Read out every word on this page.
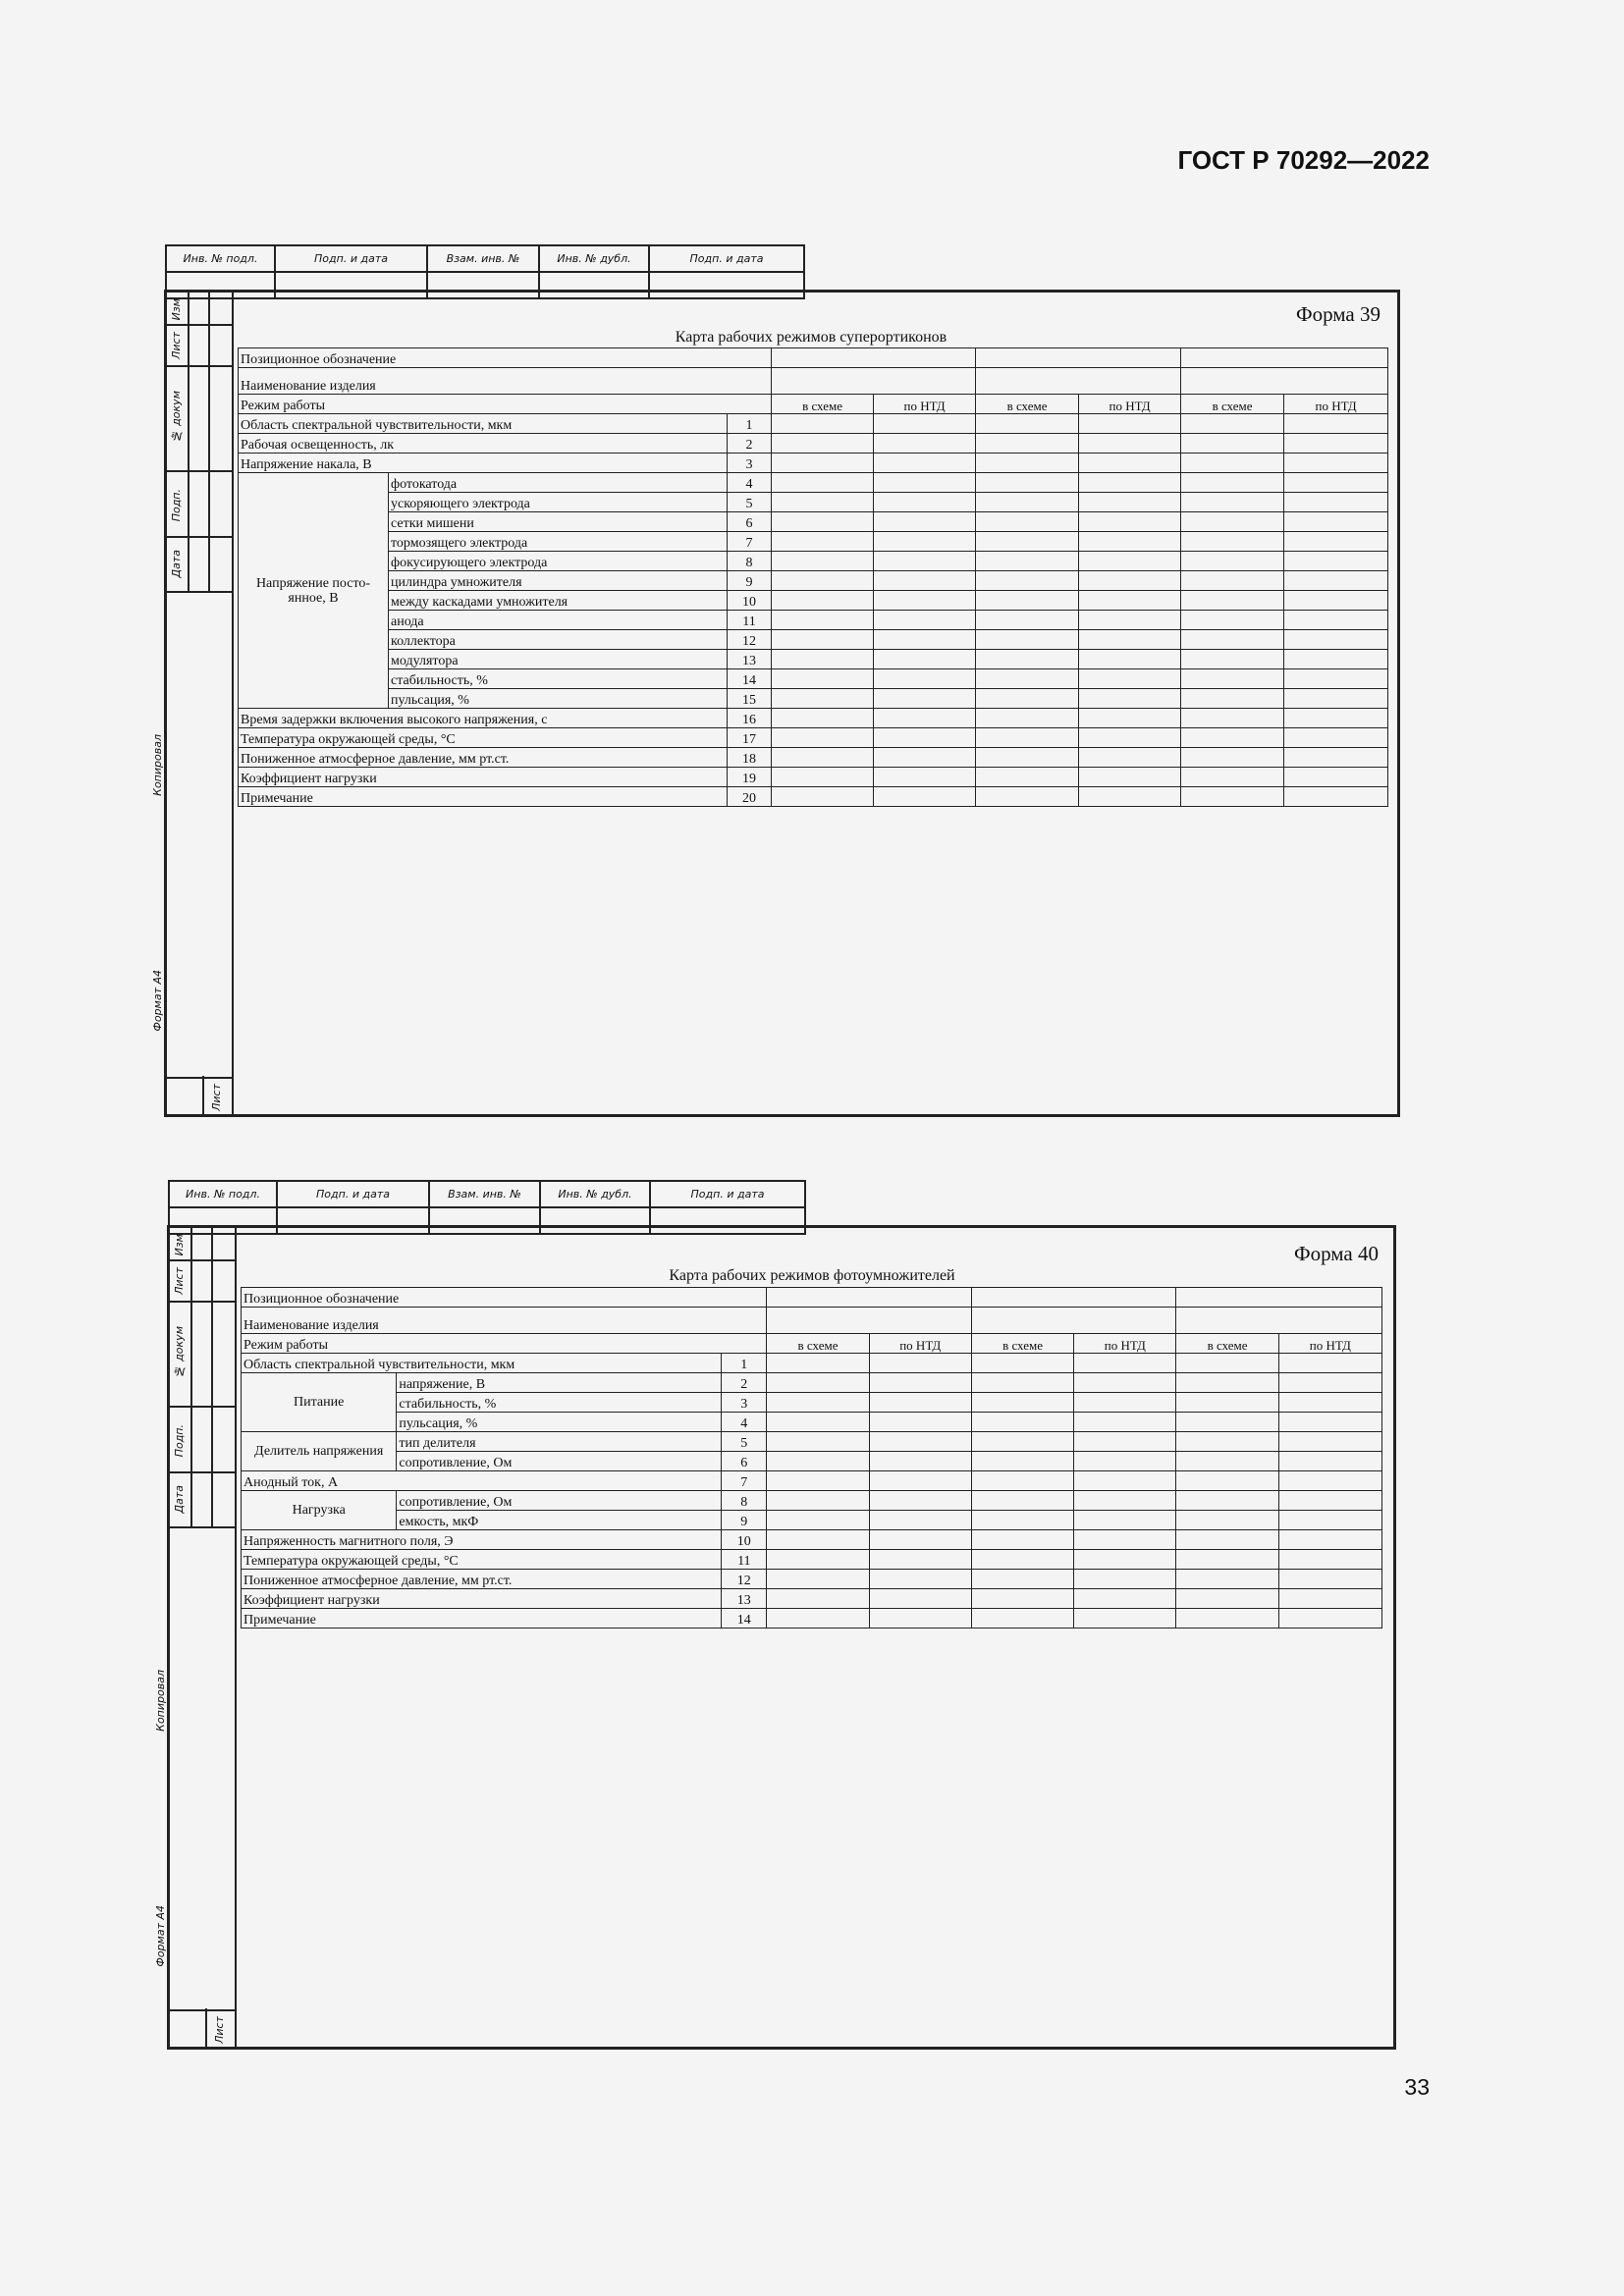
ГОСТ Р 70292—2022
Инв. № подл.	Подп. и дата	Взам. инв. №	Инв. № дубл.	Подп. и дата

Изм
Лист
№ докум
Подп.
Дата
Копировал
Формат А4
Лист
Форма 39
Карта рабочих режимов суперортиконов
Позиционное обозначение								
Наименование изделия								
Режим работы			в схеме	по НТД	в схеме	по НТД	в схеме	по НТД
Область спектральной чувствительности, мкм		1						
Рабочая освещенность, лк		2						
Напряжение накала, В		3						
Напряжение посто-янное, В	фотокатода	4						
	ускоряющего электрода	5						
	сетки мишени	6						
	тормозящего электрода	7						
	фокусирующего электрода	8						
	цилиндра умножителя	9						
	между каскадами умножителя	10						
	анода	11						
	коллектора	12						
	модулятора	13						
	стабильность, %	14						
	пульсация, %	15						
Время задержки включения высокого напряжения, с		16						
Температура окружающей среды, °С		17						
Пониженное атмосферное давление, мм рт.ст.		18						
Коэффициент нагрузки		19						
Примечание		20						
Инв. № подл.	Подп. и дата	Взам. инв. №	Инв. № дубл.	Подп. и дата

Изм
Лист
№ докум
Подп.
Дата
Копировал
Формат А4
Лист
Форма 40
Карта рабочих режимов фотоумножителей
Позиционное обозначение								
Наименование изделия								
Режим работы			в схеме	по НТД	в схеме	по НТД	в схеме	по НТД
Область спектральной чувствительности, мкм		1						
Питание	напряжение, В	2						
	стабильность, %	3						
	пульсация, %	4						
Делитель напряжения	тип делителя	5						
	сопротивление, Ом	6						
Анодный ток, А		7						
Нагрузка	сопротивление, Ом	8						
	емкость, мкФ	9						
Напряженность магнитного поля, Э		10						
Температура окружающей среды, °С		11						
Пониженное атмосферное давление, мм рт.ст.		12						
Коэффициент нагрузки		13						
Примечание		14						
33
